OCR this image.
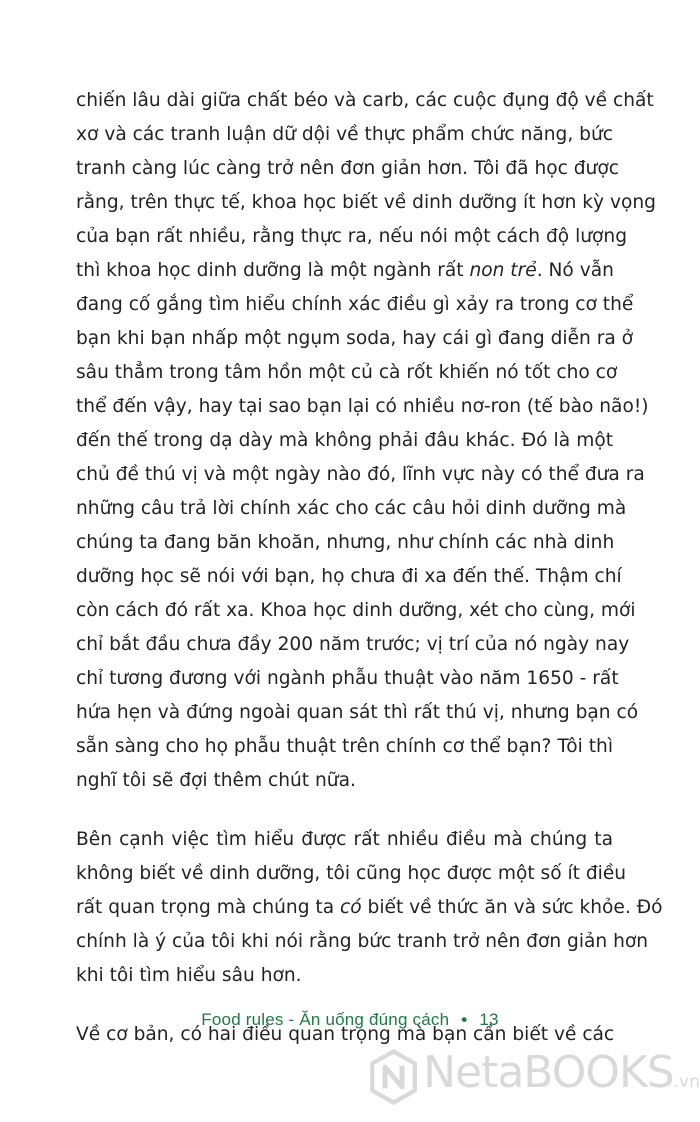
chiến lâu dài giữa chất béo và carb, các cuộc đụng độ về chất
xơ và các tranh luận dữ dội về thực phẩm chức năng, bức
tranh càng lúc càng trở nên đơn giản hơn. Tôi đã học được
rằng, trên thực tế, khoa học biết về dinh dưỡng ít hơn kỳ vọng
của bạn rất nhiều, rằng thực ra, nếu nói một cách độ lượng
thì khoa học dinh dưỡng là một ngành rất non trẻ. Nó vẫn
đang cố gắng tìm hiểu chính xác điều gì xảy ra trong cơ thể
bạn khi bạn nhấp một ngụm soda, hay cái gì đang diễn ra ở
sâu thẳm trong tâm hồn một củ cà rốt khiến nó tốt cho cơ
thể đến vậy, hay tại sao bạn lại có nhiều nơ-ron (tế bào não!)
đến thế trong dạ dày mà không phải đâu khác. Đó là một
chủ đề thú vị và một ngày nào đó, lĩnh vực này có thể đưa ra
những câu trả lời chính xác cho các câu hỏi dinh dưỡng mà
chúng ta đang băn khoăn, nhưng, như chính các nhà dinh
dưỡng học sẽ nói với bạn, họ chưa đi xa đến thế. Thậm chí
còn cách đó rất xa. Khoa học dinh dưỡng, xét cho cùng, mới
chỉ bắt đầu chưa đầy 200 năm trước; vị trí của nó ngày nay
chỉ tương đương với ngành phẫu thuật vào năm 1650 - rất
hứa hẹn và đứng ngoài quan sát thì rất thú vị, nhưng bạn có
sẵn sàng cho họ phẫu thuật trên chính cơ thể bạn? Tôi thì
nghĩ tôi sẽ đợi thêm chút nữa.

Bên cạnh việc tìm hiểu được rất nhiều điều mà chúng ta
không biết về dinh dưỡng, tôi cũng học được một số ít điều
rất quan trọng mà chúng ta có biết về thức ăn và sức khỏe. Đó
chính là ý của tôi khi nói rằng bức tranh trở nên đơn giản hơn
khi tôi tìm hiểu sâu hơn.

Về cơ bản, có hai điều quan trọng mà bạn cần biết về các

Food rules - Ăn uống đúng cách • 13
NetaBOOKS.vn
